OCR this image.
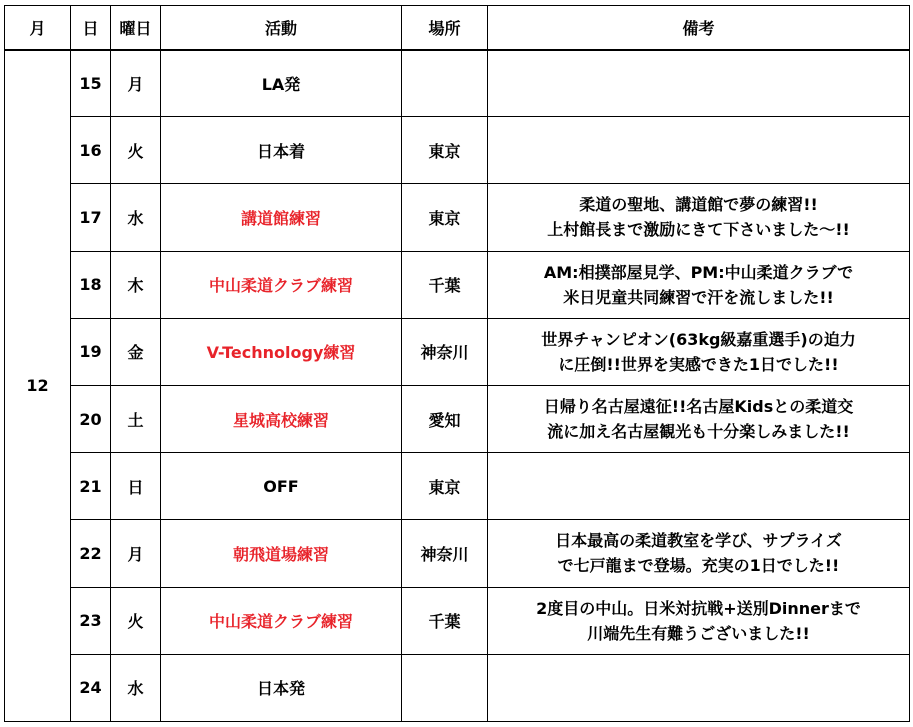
月	日	曜日	活動	場所	備考
12	15	月	LA発		

	16	火	日本着	東京	

	17	水	講道館練習	東京	柔道の聖地、講道館で夢の練習!!
上村館長まで激励にきて下さいました～!!

	18	木	中山柔道クラブ練習	千葉	AM:相撲部屋見学、PM:中山柔道クラブで
米日児童共同練習で汗を流しました!!

	19	金	V-Technology練習	神奈川	世界チャンピオン(63kg級嘉重選手)の迫力
に圧倒!!世界を実感できた1日でした!!

	20	土	星城高校練習	愛知	日帰り名古屋遠征!!名古屋Kidsとの柔道交
流に加え名古屋観光も十分楽しみました!!

	21	日	OFF	東京	

	22	月	朝飛道場練習	神奈川	日本最高の柔道教室を学び、サプライズ
で七戸龍まで登場。充実の1日でした!!

	23	火	中山柔道クラブ練習	千葉	2度目の中山。日米対抗戦+送別Dinnerまで
川端先生有難うございました!!

	24	水	日本発		
